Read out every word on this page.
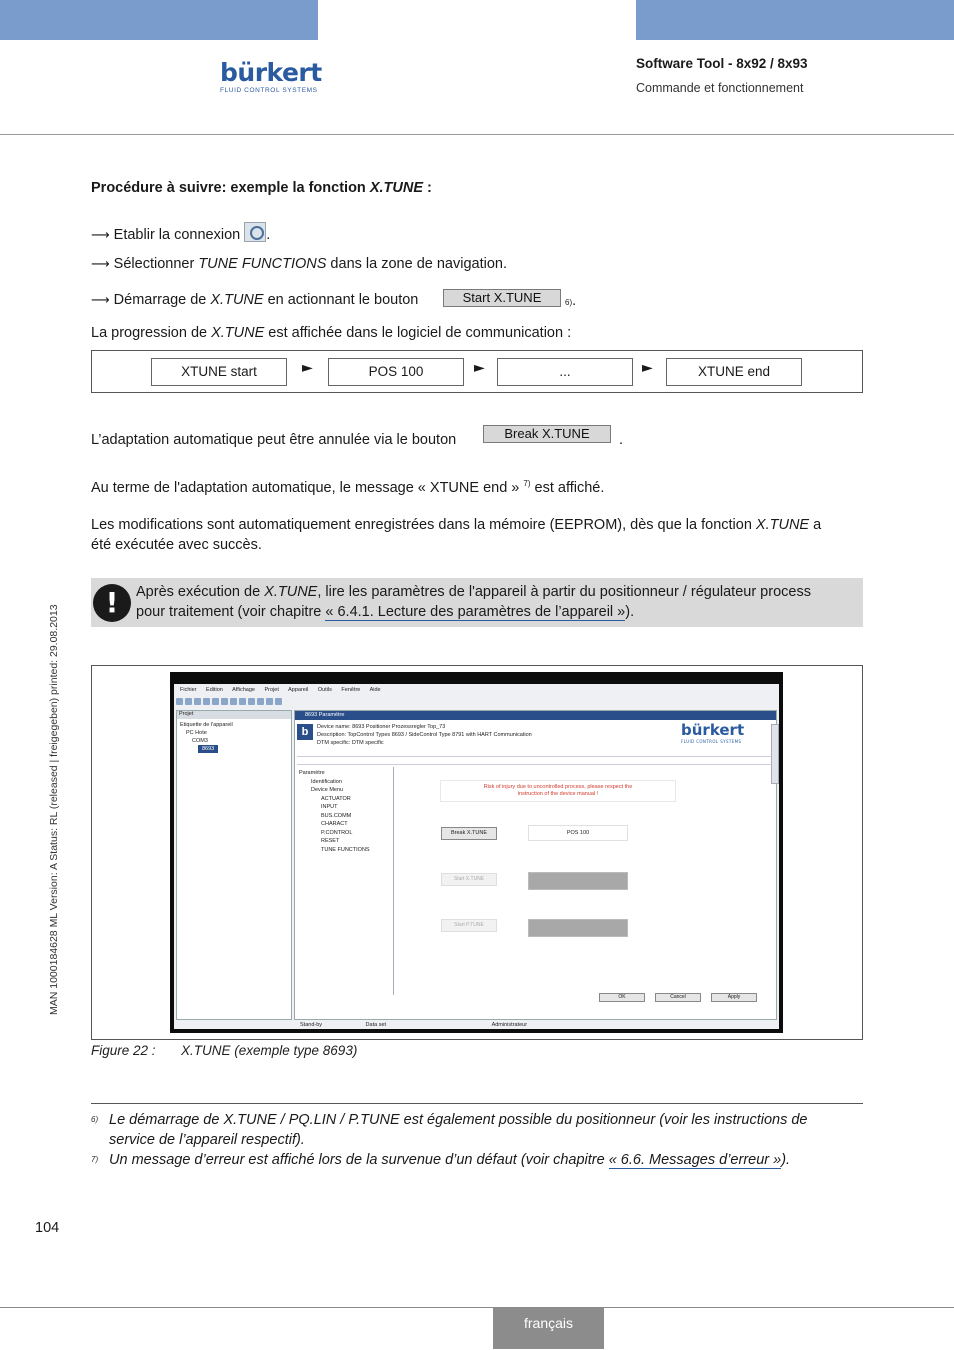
bürkert
FLUID CONTROL SYSTEMS
Software Tool - 8x92 / 8x93
Commande et fonctionnement
MAN 1000184628 ML Version: A Status: RL (released | freigegeben) printed: 29.08.2013
Procédure à suivre: exemple la fonction X.TUNE :
⟶ Etablir la connexion .
⟶ Sélectionner TUNE FUNCTIONS dans la zone de navigation.
⟶ Démarrage de X.TUNE en actionnant le bouton	Start X.TUNE	6).
La progression de X.TUNE est affichée dans le logiciel de communication :
XTUNE start	►	POS 100	►	...	►	XTUNE end
L’adaptation automatique peut être annulée via le bouton	Break X.TUNE	.
Au terme de l'adaptation automatique, le message « XTUNE end » $^{7)}$ est affiché.
Les modifications sont automatiquement enregistrées dans la mémoire (EEPROM), dès que la fonction X.TUNE a
été exécutée avec succès.
!	Après exécution de X.TUNE, lire les paramètres de l'appareil à partir du positionneur / régulateur process
pour traitement (voir chapitre « 6.4.1. Lecture des paramètres de l’appareil »).
Fichier Edition Affichage Projet Appareil Outils Fenêtre Aide
Projet
Etiquette de l'appareil
PC Hote
COM3
8693
8693 Paramètre
b	Device name: 8693 Positioner Prozessregler Top_73
Description: TopControl Types 8693 / SideControl Type 8791 with HART Communication
DTM specific: DTM specific
bürkert
FLUID CONTROL SYSTEMS
Paramètre
Identification
Device Menu
ACTUATOR
INPUT
BUS.COMM
CHARACT
P.CONTROL
RESET
TUNE FUNCTIONS
Risk of injury due to uncontrolled process, please respect the
instruction of the device manual !
Break X.TUNE	POS 100
Start X.TUNE
Start P.TUNE
OK	Cancel	Apply
Stand-by	Data set	Administrateur
Figure 22 : X.TUNE (exemple type 8693)
6) Le démarrage de X.TUNE / PQ.LIN / P.TUNE est également possible du positionneur (voir les instructions de
service de l’appareil respectif).
7) Un message d’erreur est affiché lors de la survenue d’un défaut (voir chapitre « 6.6. Messages d’erreur »).
104
français
